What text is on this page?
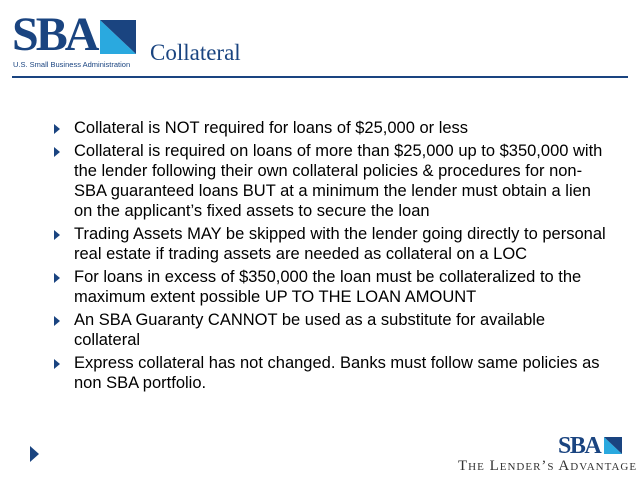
SBA
U.S. Small Business Administration Collateral
Collateral is NOT required for loans of $25,000 or less
Collateral is required on loans of more than $25,000 up to $350,000 with the lender following their own collateral policies & procedures for non-SBA guaranteed loans BUT at a minimum the lender must obtain a lien on the applicant’s fixed assets to secure the loan
Trading Assets MAY be skipped with the lender going directly to personal real estate if trading assets are needed as collateral on a LOC
For loans in excess of $350,000 the loan must be collateralized to the maximum extent possible UP TO THE LOAN AMOUNT
An SBA Guaranty CANNOT be used as a substitute for available collateral
Express collateral has not changed. Banks must follow same policies as non SBA portfolio.
SBA
The Lender’s Advantage
